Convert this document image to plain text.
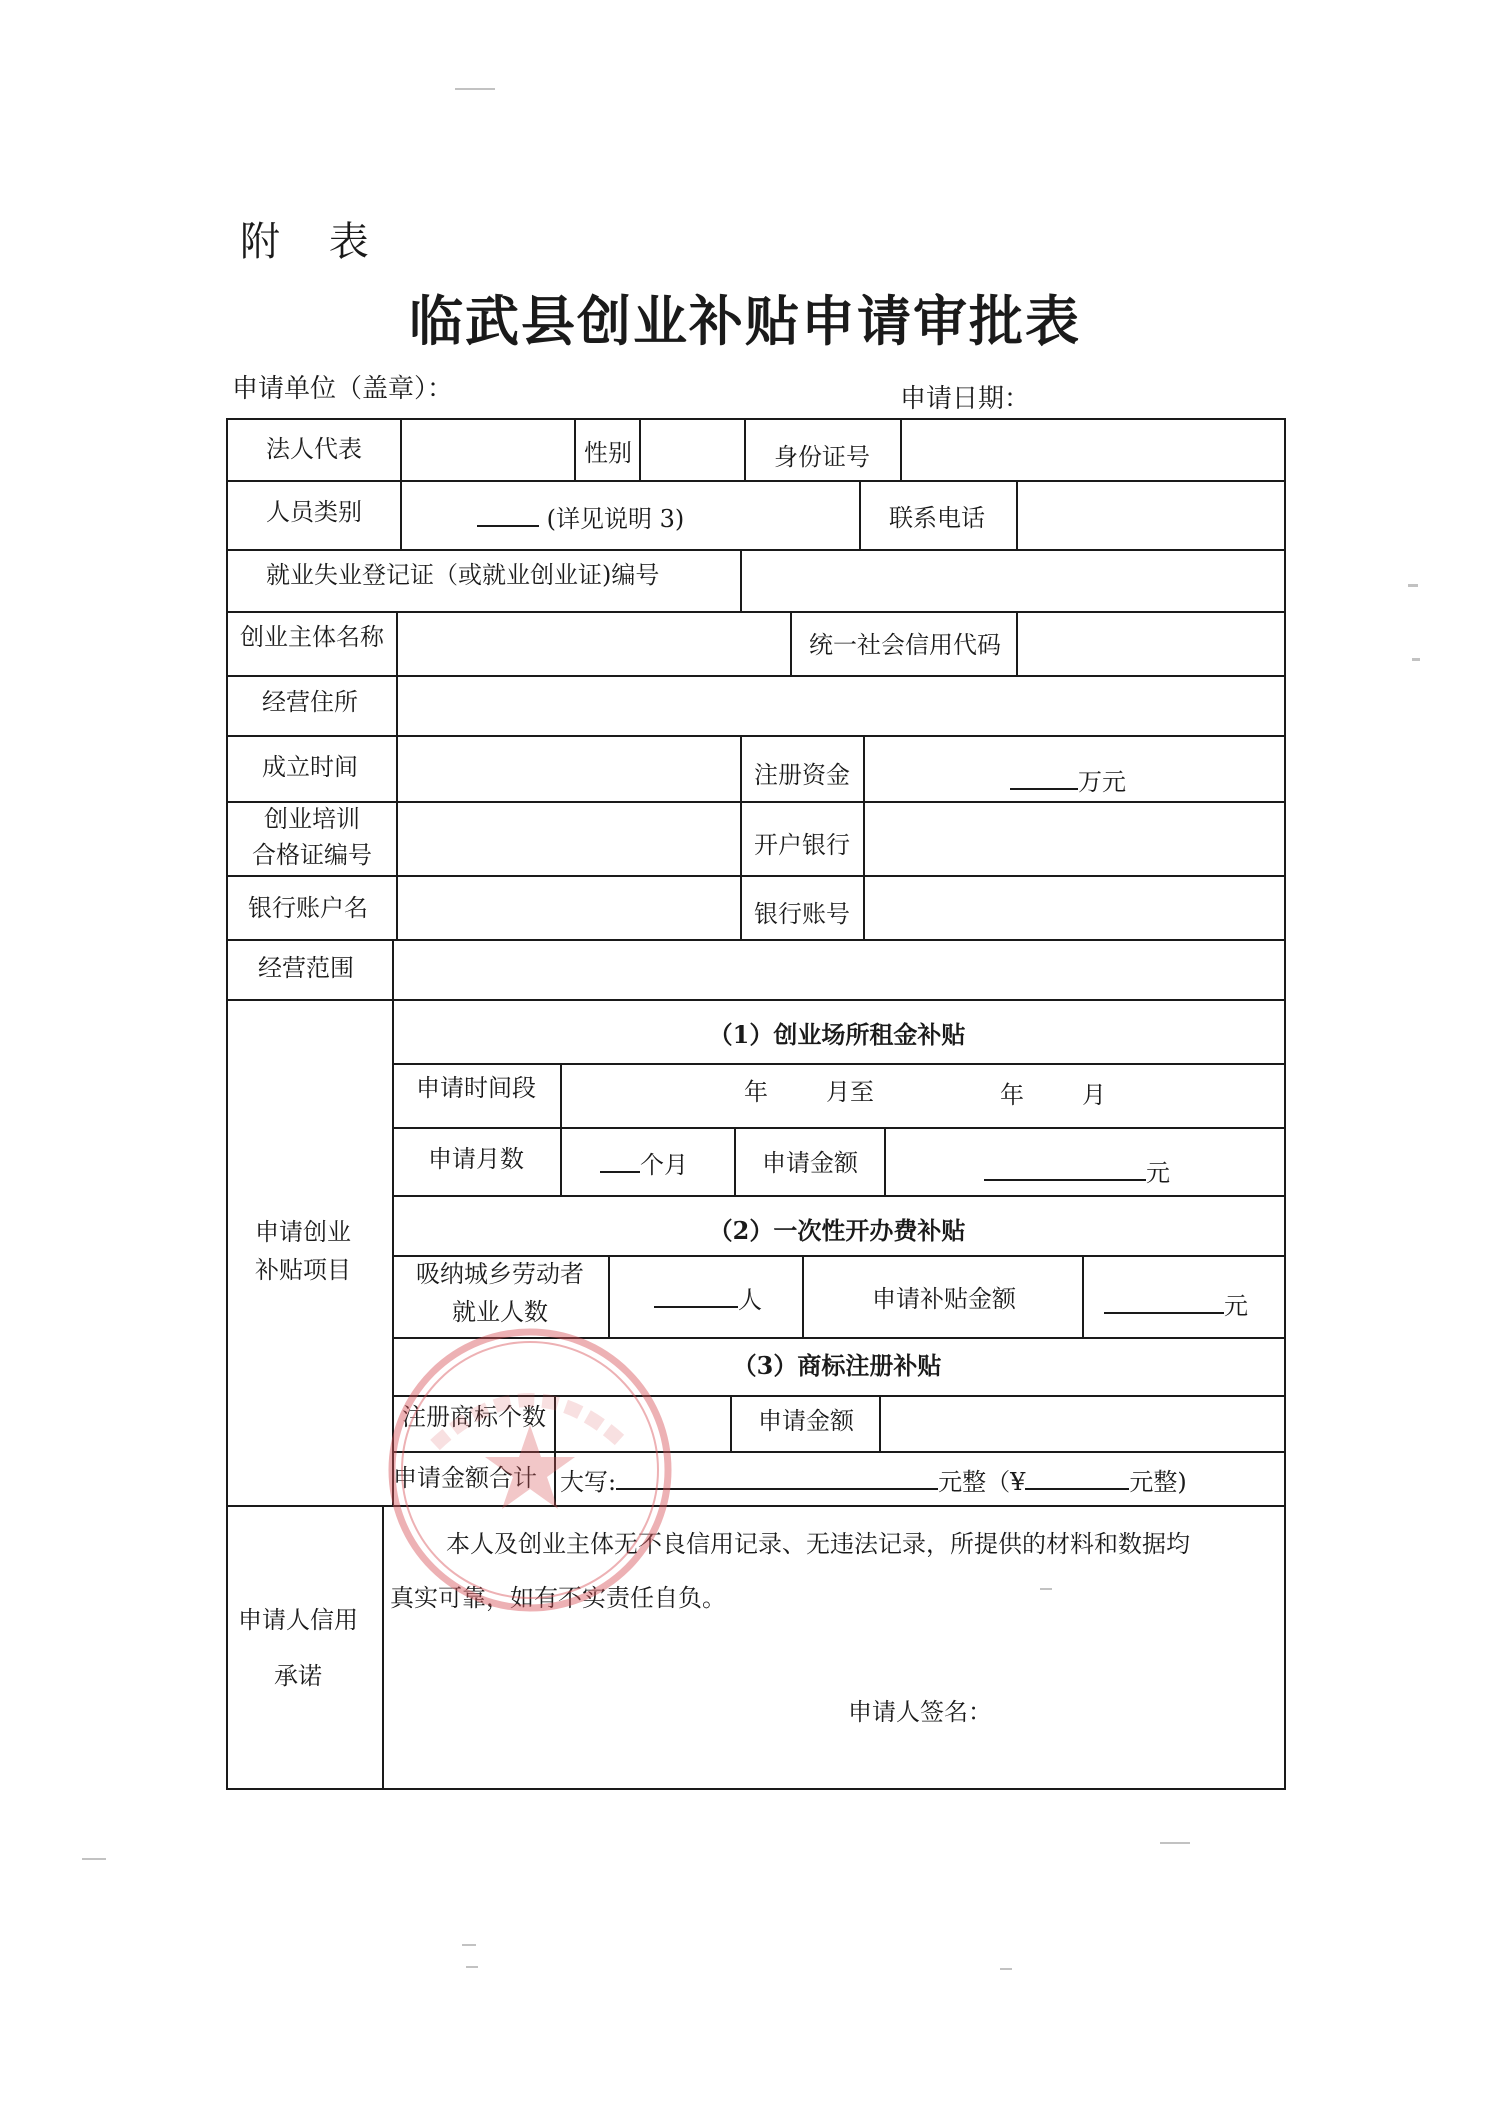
附 表
临武县创业补贴申请审批表
申请单位（盖章）：	申请日期：
法人代表	性别	身份证号
人员类别	(详见说明 3)	联系电话
就业失业登记证（或就业创业证)编号
创业主体名称	统一社会信用代码
经营住所
成立时间	注册资金	万元
创业培训
合格证编号	开户银行
银行账户名	银行账号
经营范围
申请创业
补贴项目
（1）创业场所租金补贴
申请时间段	年 月至	年 月
申请月数	个月	申请金额	元
（2）一次性开办费补贴
吸纳城乡劳动者
就业人数	人	申请补贴金额	元
（3）商标注册补贴
注册商标个数	申请金额
申请金额合计 大写:	元整（¥	元整)
申请人信用
承诺
本人及创业主体无不良信用记录、无违法记录，所提供的材料和数据均
真实可靠，如有不实责任自负。
申请人签名：
